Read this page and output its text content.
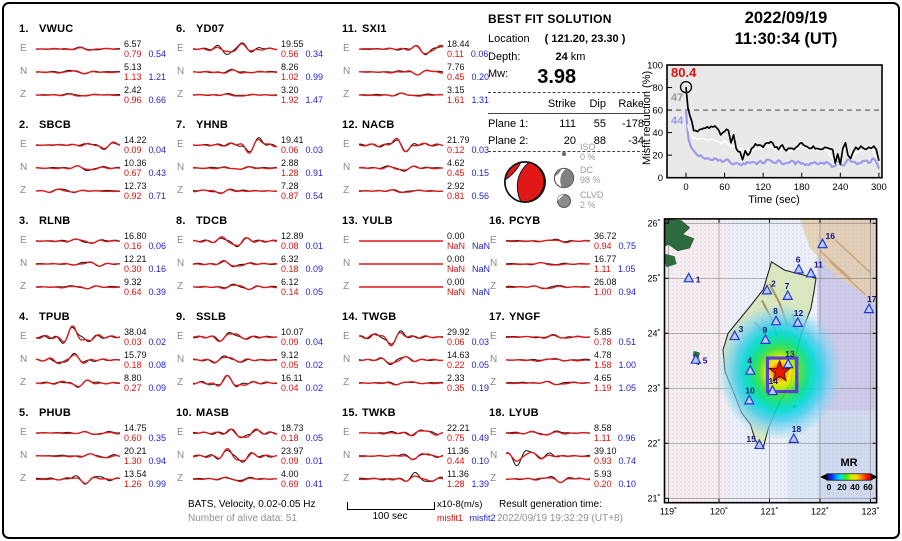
1. VWUC
E	6.57
0.79 0.54
N	5.13
1.13 1.21
Z	2.42
0.96 0.66
2. SBCB
E	14.22
0.09 0.04
N	10.36
0.67 0.43
Z	12.73
0.92 0.71
3. RLNB
E	16.80
0.16 0.06
N	12.21
0.30 0.16
Z	9.32
0.64 0.39
4. TPUB
E	38.04
0.03 0.02
N	15.79
0.18 0.08
Z	8.80
0.27 0.09
5. PHUB
E	14.75
0.60 0.35
N	20.21
1.30 0.94
Z	13.54
1.26 0.99
6. YD07
E	19.55
0.56 0.34
N	8.26
1.02 0.99
Z	3.20
1.92 1.47
7. YHNB
E	19.41
0.06 0.03
N	2.88
1.28 0.91
Z	7.28
0.87 0.54
8. TDCB
E	12.89
0.08 0.01
N	6.32
0.18 0.09
Z	6.12
0.14 0.05
9. SSLB
E	10.07
0.09 0.04
N	9.12
0.05 0.02
Z	16.11
0.04 0.02
10. MASB
E	18.73
0.18 0.05
N	23.97
0.09 0.01
Z	4.00
0.69 0.41
11. SXI1
E	18.44
0.11 0.06
N	7.76
0.45 0.20
Z	3.15
1.61 1.31
12. NACB
E	21.79
0.12 0.03
N	4.62
0.45 0.15
Z	2.92
0.81 0.56
13. YULB
E	0.00
NaN NaN
N	0.00
NaN NaN
Z	0.00
NaN NaN
14. TWGB
E	29.92
0.06 0.03
N	14.63
0.22 0.05
Z	2.33
0.35 0.19
15. TWKB
E	22.21
0.75 0.49
N	11.36
0.44 0.10
Z	11.36
1.28 1.39
16. PCYB
E	36.72
0.94 0.75
N	16.77
1.11 1.05
Z	26.08
1.00 0.94
17. YNGF
E	5.85
0.78 0.51
N	4.78
1.58 1.00
Z	4.65
1.19 1.05
18. LYUB
E	8.58
1.11 0.96
N	39.10
0.93 0.74
Z	5.93
0.20 0.10
BEST FIT SOLUTION
Location ( 121.20, 23.30 )
Depth:	24 km
Mw: 3.98
Strike	Dip	Rake
Plane 1:	111	55	-178
Plane 2:	20	88	-34
ISO
0 %
DC
98 %
CLVD
2 %
2022/09/19
11:30:34 (UT)
0
20
40
60
80
100
0	60	120 180 240 300
80.4
47
44
Misfit reduction (%)
Time (sec)
1	2
3
4
5
6
7
8
9
10
11
12
13
14
15
16
17
18
26˚
25˚
24˚
23˚
22˚
21˚
119˚	120˚	121˚	122˚	123˚
MR
0 20 40 60
BATS, Velocity, 0.02-0.05 Hz
Number of alive data: 51	100 sec
x10-8(m/s)
misfit1 misfit2
Result generation time:
2022/09/19 19:32:29 (UT+8)
